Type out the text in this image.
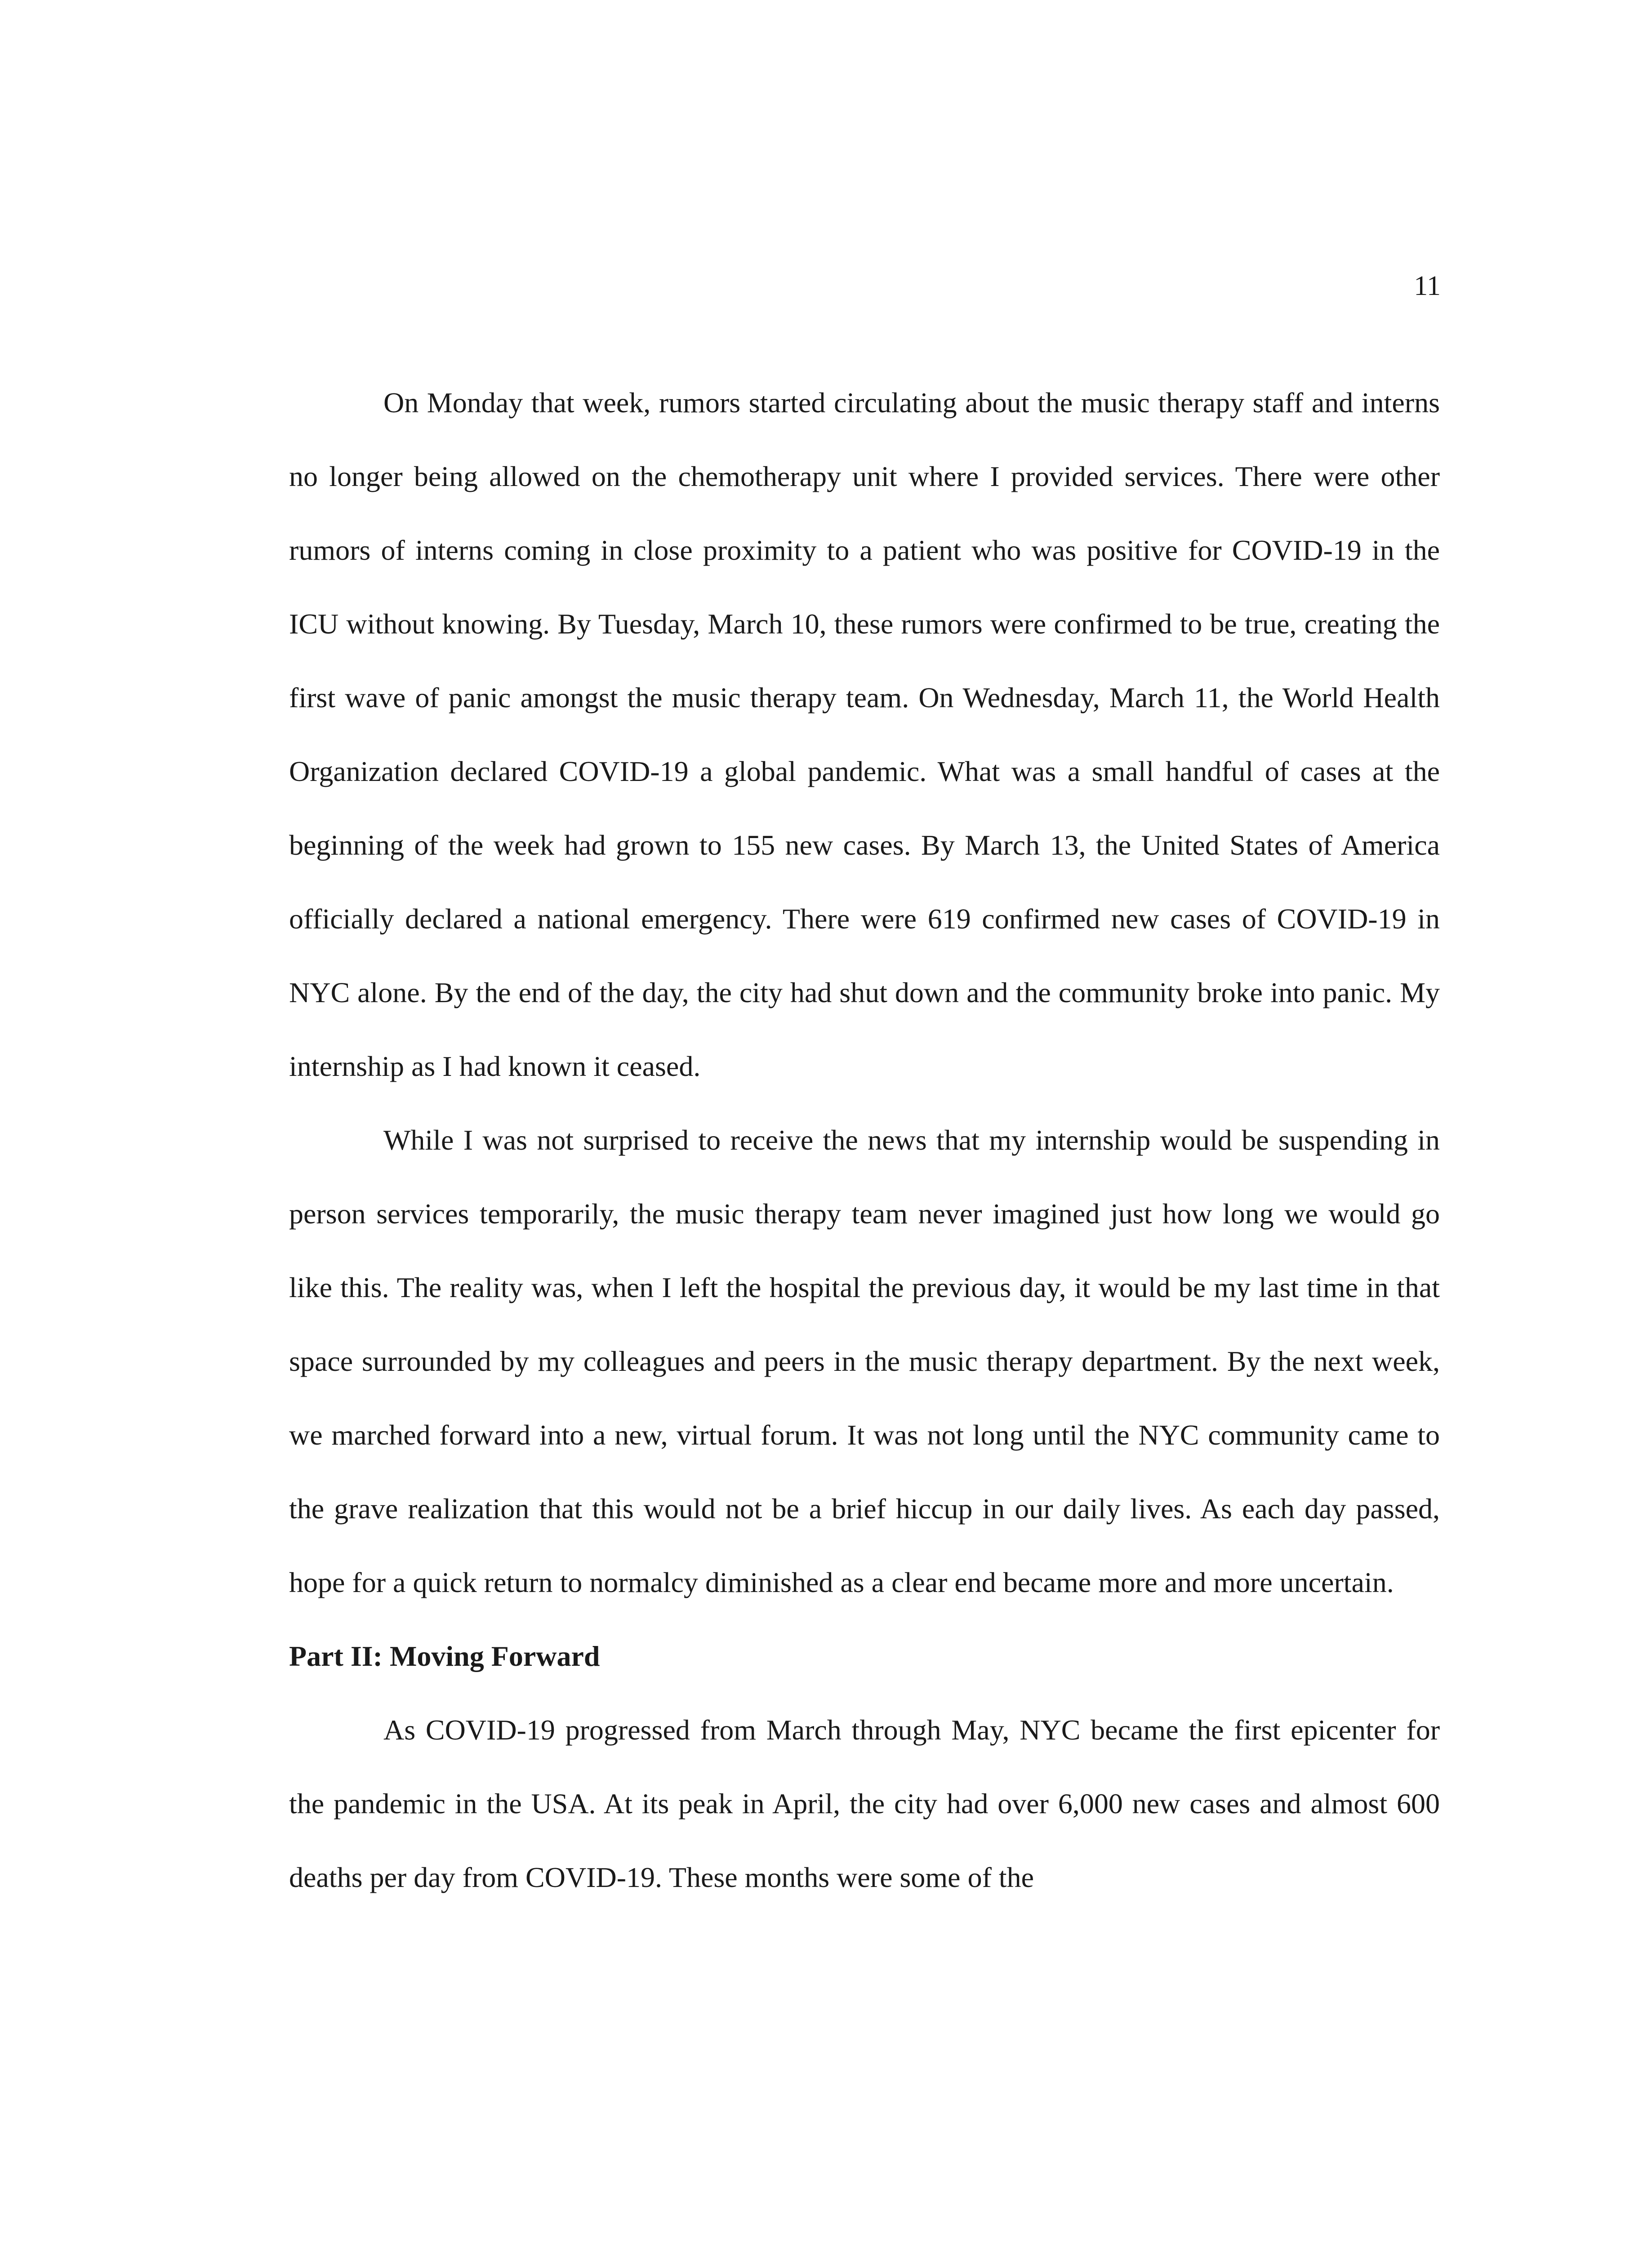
11

On Monday that week, rumors started circulating about the music therapy staff and interns no longer being allowed on the chemotherapy unit where I provided services. There were other rumors of interns coming in close proximity to a patient who was positive for COVID-19 in the ICU without knowing. By Tuesday, March 10, these rumors were confirmed to be true, creating the first wave of panic amongst the music therapy team. On Wednesday, March 11, the World Health Organization declared COVID-19 a global pandemic. What was a small handful of cases at the beginning of the week had grown to 155 new cases. By March 13, the United States of America officially declared a national emergency. There were 619 confirmed new cases of COVID-19 in NYC alone. By the end of the day, the city had shut down and the community broke into panic. My internship as I had known it ceased.

While I was not surprised to receive the news that my internship would be suspending in person services temporarily, the music therapy team never imagined just how long we would go like this. The reality was, when I left the hospital the previous day, it would be my last time in that space surrounded by my colleagues and peers in the music therapy department. By the next week, we marched forward into a new, virtual forum. It was not long until the NYC community came to the grave realization that this would not be a brief hiccup in our daily lives. As each day passed, hope for a quick return to normalcy diminished as a clear end became more and more uncertain.

Part II: Moving Forward

As COVID-19 progressed from March through May, NYC became the first epicenter for the pandemic in the USA. At its peak in April, the city had over 6,000 new cases and almost 600 deaths per day from COVID-19. These months were some of the
